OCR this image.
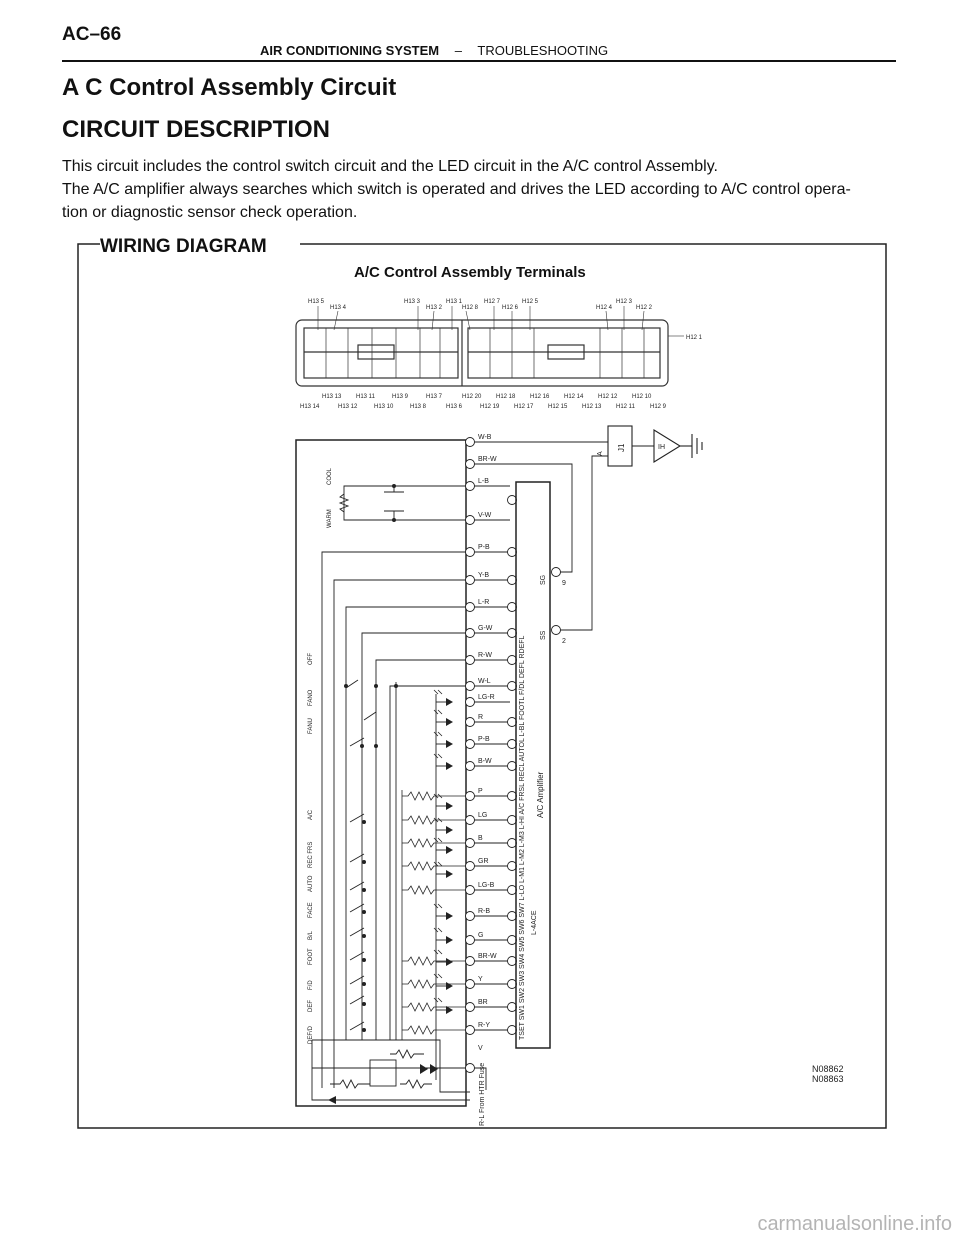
AC–66
AIR CONDITIONING SYSTEM – TROUBLESHOOTING
A C Control Assembly Circuit
CIRCUIT DESCRIPTION

This circuit includes the control switch circuit and the LED circuit in the A/C control Assembly.

The A/C amplifier always searches which switch is operated and drives the LED according to A/C control opera-

tion or diagnostic sensor check operation.

WIRING DIAGRAM
A/C Control Assembly Terminals
H13 5
H13 4
H13 3
H13 2
H13 1
H12 8
H12 7
H12 6
H12 5
H12 4
H12 3
H12 2
H12 1
H13 14
H13 13
H13 12
H13 11
H13 10
H13 9
H13 8
H13 7
H13 6
H12 20
H12 19
H12 18
H12 17
H12 16
H12 15
H12 14
H12 13
H12 12
H12 11
H12 10
H12 9
COOL
WARM
OFF
FANO
FANU
A/C
REC FRS
AUTO
FACE
B/L
FOOT
F/D
DEF
DEF/D	TSET SW1 SW2 SW3 SW4 SW5 SW6 SW7 L-LO L-M1 L-M2 L-M3 L-HI A/C FRSL RECL AUTOL L-BL FOOTL F/DL DEFL RDEFL A/C Amplifier
L-4ACE
SG
SS
9
2
W-B
BR-W
L-B
V-W
P-B
Y-B
L-R
G-W
R-W
W-L
LG-R
R
P-B
B-W
P
LG
B
GR
LG-B
R-B
G
BR-W
Y
BR
R-Y
V
A
J1	IH
R-L From HTR Fuse	N08862
N08863
carmanualsonline.info
